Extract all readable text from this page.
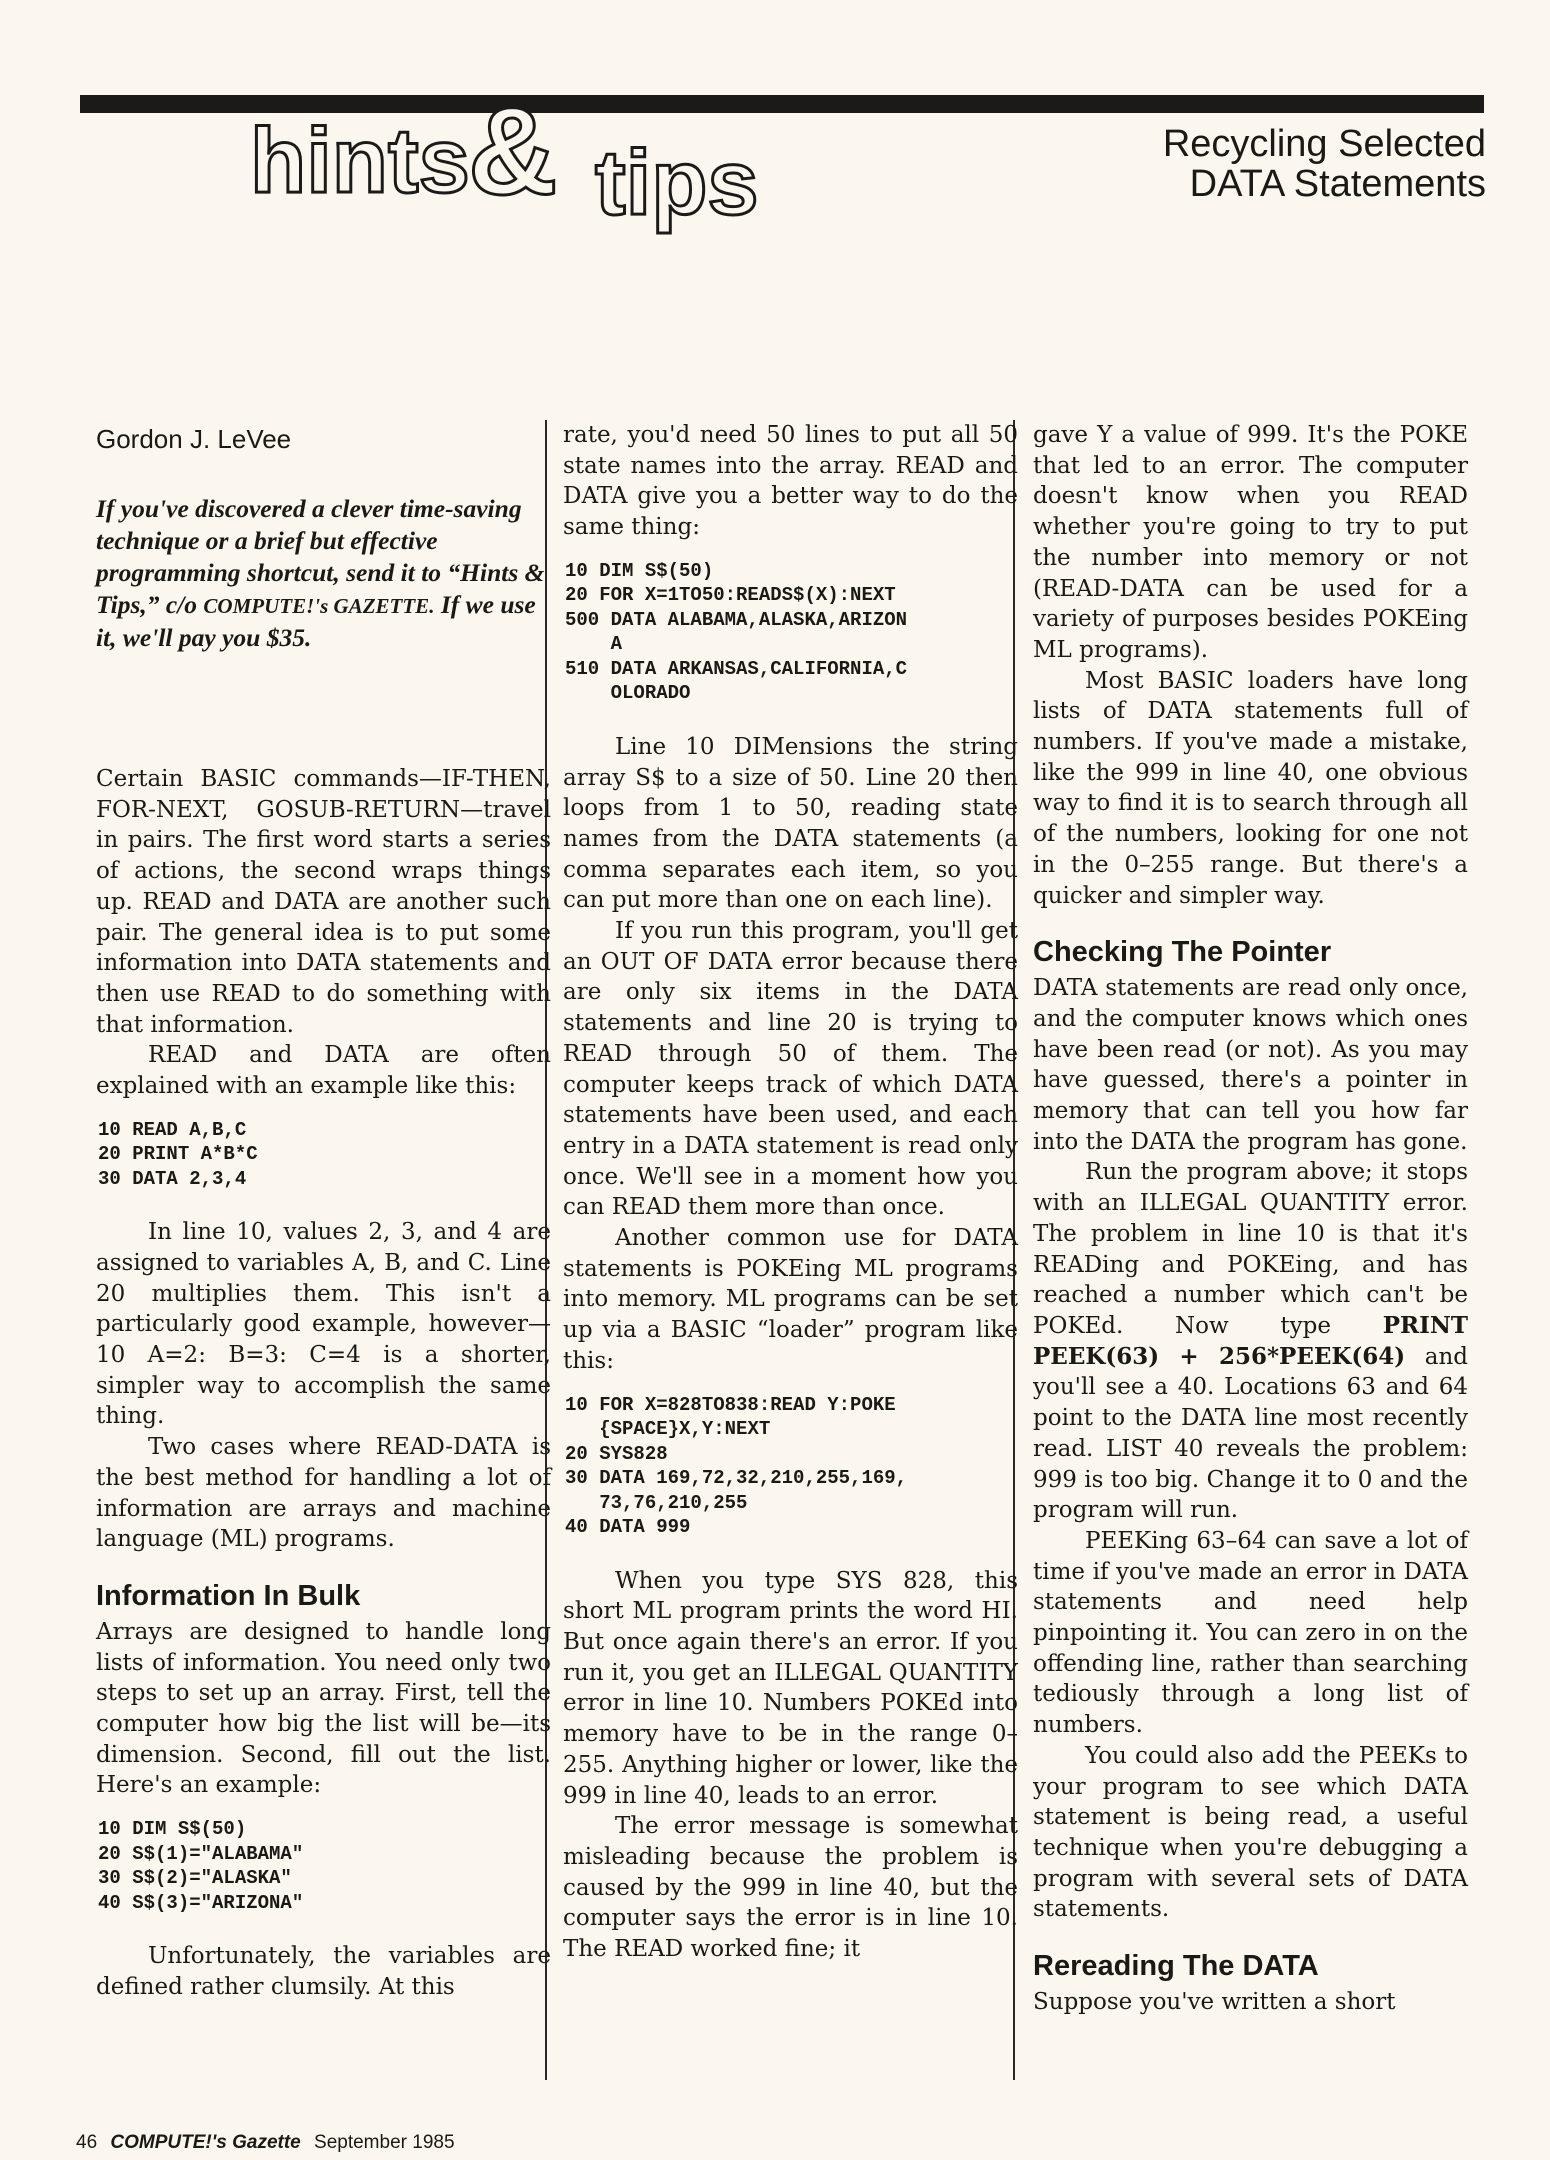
hints
& tips	Recycling Selected
DATA Statements
Gordon J. LeVee

If you've discovered a clever time-saving technique or a brief but effective programming shortcut, send it to “Hints & Tips,” c/o COMPUTE!'s GAZETTE. If we use it, we'll pay you $35.

Certain BASIC commands—IF-THEN, FOR-NEXT, GOSUB-RETURN—travel in pairs. The first word starts a series of actions, the second wraps things up. READ and DATA are another such pair. The general idea is to put some information into DATA statements and then use READ to do something with that information.

READ and DATA are often explained with an example like this:

10 READ A,B,C
20 PRINT A*B*C
30 DATA 2,3,4

In line 10, values 2, 3, and 4 are assigned to variables A, B, and C. Line 20 multiplies them. This isn't a particularly good example, however—10 A=2: B=3: C=4 is a shorter, simpler way to accomplish the same thing.

Two cases where READ-DATA is the best method for handling a lot of information are arrays and machine language (ML) programs.

Information In Bulk

Arrays are designed to handle long lists of information. You need only two steps to set up an array. First, tell the computer how big the list will be—its dimension. Second, fill out the list. Here's an example:

10 DIM S$(50)
20 S$(1)="ALABAMA"
30 S$(2)="ALASKA"
40 S$(3)="ARIZONA"

Unfortunately, the variables are defined rather clumsily. At this

rate, you'd need 50 lines to put all 50 state names into the array. READ and DATA give you a better way to do the same thing:

10 DIM S$(50)
20 FOR X=1TO50:READS$(X):NEXT
500 DATA ALABAMA,ALASKA,ARIZON
A
510 DATA ARKANSAS,CALIFORNIA,C
OLORADO

Line 10 DIMensions the string array S$ to a size of 50. Line 20 then loops from 1 to 50, reading state names from the DATA statements (a comma separates each item, so you can put more than one on each line).

If you run this program, you'll get an OUT OF DATA error because there are only six items in the DATA statements and line 20 is trying to READ through 50 of them. The computer keeps track of which DATA statements have been used, and each entry in a DATA statement is read only once. We'll see in a moment how you can READ them more than once.

Another common use for DATA statements is POKEing ML programs into memory. ML programs can be set up via a BASIC “loader” program like this:

10 FOR X=828TO838:READ Y:POKE
{SPACE}X,Y:NEXT
20 SYS828
30 DATA 169,72,32,210,255,169,
73,76,210,255
40 DATA 999

When you type SYS 828, this short ML program prints the word HI. But once again there's an error. If you run it, you get an ILLEGAL QUANTITY error in line 10. Numbers POKEd into memory have to be in the range 0–255. Anything higher or lower, like the 999 in line 40, leads to an error.

The error message is somewhat misleading because the problem is caused by the 999 in line 40, but the computer says the error is in line 10. The READ worked fine; it

gave Y a value of 999. It's the POKE that led to an error. The computer doesn't know when you READ whether you're going to try to put the number into memory or not (READ-DATA can be used for a variety of purposes besides POKEing ML programs).

Most BASIC loaders have long lists of DATA statements full of numbers. If you've made a mistake, like the 999 in line 40, one obvious way to find it is to search through all of the numbers, looking for one not in the 0–255 range. But there's a quicker and simpler way.

Checking The Pointer

DATA statements are read only once, and the computer knows which ones have been read (or not). As you may have guessed, there's a pointer in memory that can tell you how far into the DATA the program has gone.

Run the program above; it stops with an ILLEGAL QUANTITY error. The problem in line 10 is that it's READing and POKEing, and has reached a number which can't be POKEd. Now type PRINT PEEK(63) + 256*PEEK(64) and you'll see a 40. Locations 63 and 64 point to the DATA line most recently read. LIST 40 reveals the problem: 999 is too big. Change it to 0 and the program will run.

PEEKing 63–64 can save a lot of time if you've made an error in DATA statements and need help pinpointing it. You can zero in on the offending line, rather than searching tediously through a long list of numbers.

You could also add the PEEKs to your program to see which DATA statement is being read, a useful technique when you're debugging a program with several sets of DATA statements.

Rereading The DATA

Suppose you've written a short

46 COMPUTE!'s Gazette September 1985
